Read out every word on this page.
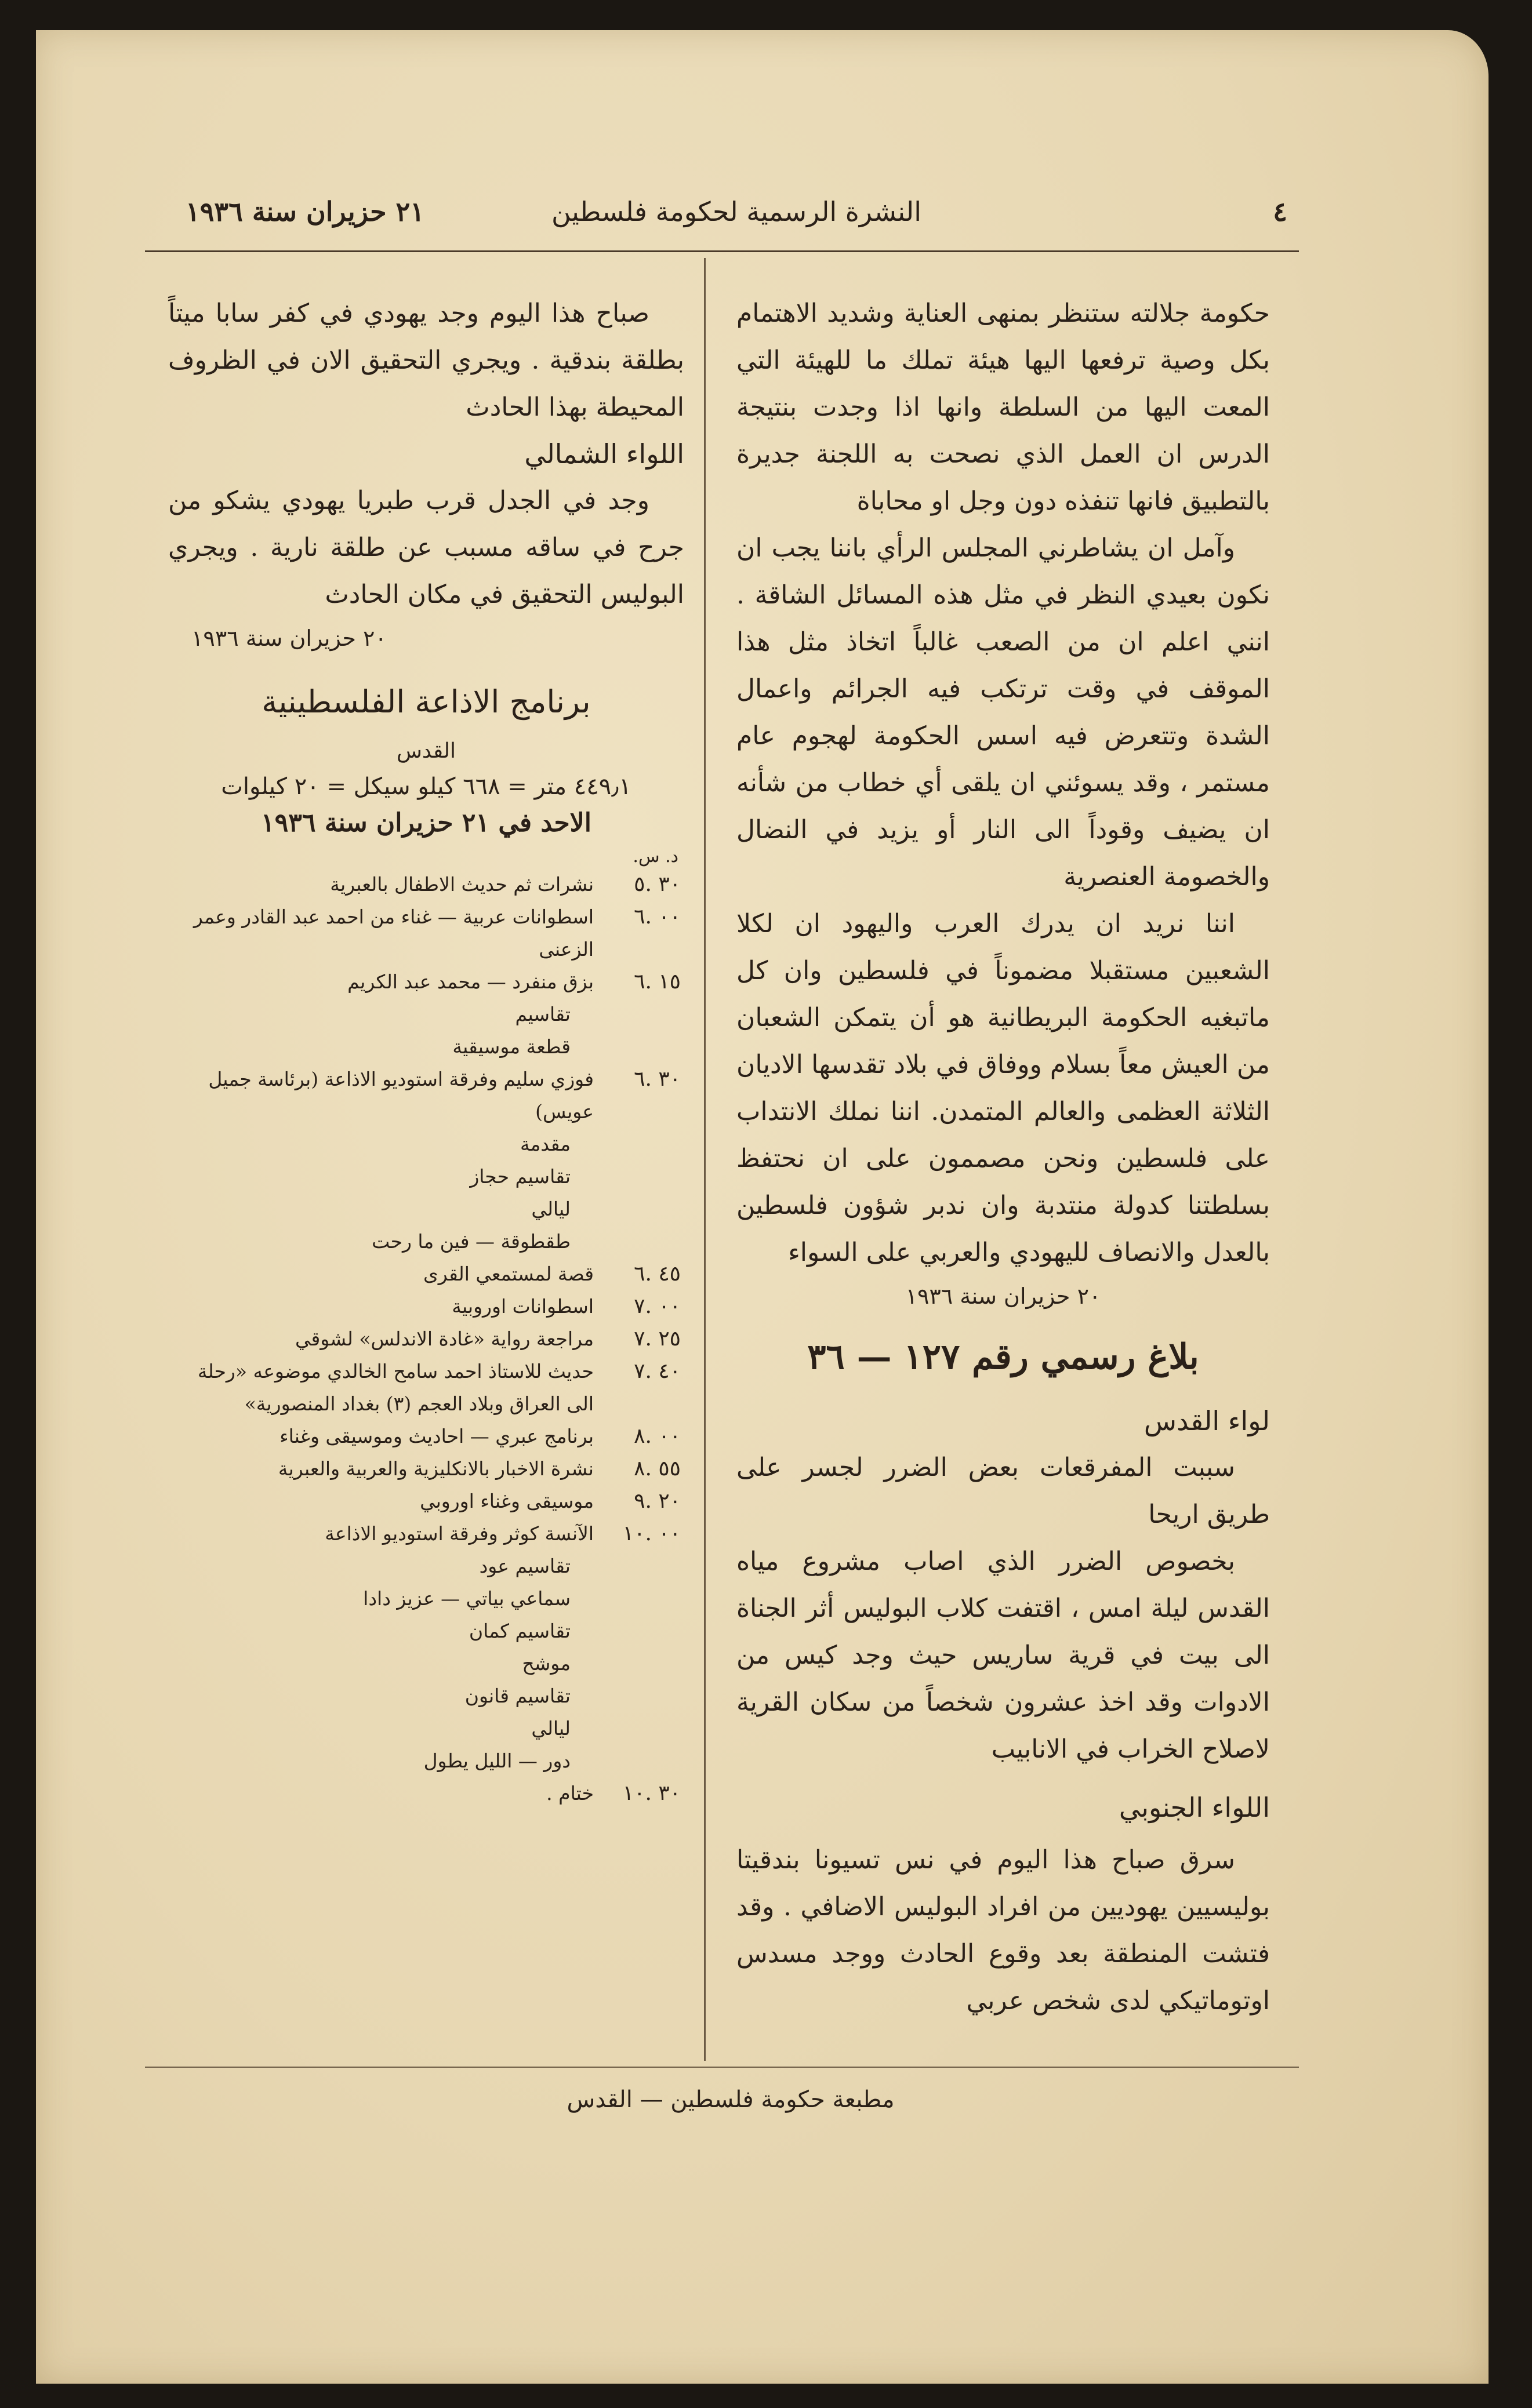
٤
النشرة الرسمية لحكومة فلسطين
٢١ حزيران سنة ١٩٣٦

حكومة جلالته ستنظر بمنهى العناية وشديد الاهتمام بكل وصية ترفعها اليها هيئة تملك ما للهيئة التي المعت اليها من السلطة وانها اذا وجدت بنتيجة الدرس ان العمل الذي نصحت به اللجنة جديرة بالتطبيق فانها تنفذه دون وجل او محاباة

وآمل ان يشاطرني المجلس الرأي باننا يجب ان نكون بعيدي النظر في مثل هذه المسائل الشاقة . انني اعلم ان من الصعب غالباً اتخاذ مثل هذا الموقف في وقت ترتكب فيه الجرائم واعمال الشدة وتتعرض فيه اسس الحكومة لهجوم عام مستمر ، وقد يسوئني ان يلقى أي خطاب من شأنه ان يضيف وقوداً الى النار أو يزيد في النضال والخصومة العنصرية

اننا نريد ان يدرك العرب واليهود ان لكلا الشعبين مستقبلا مضموناً في فلسطين وان كل ماتبغيه الحكومة البريطانية هو أن يتمكن الشعبان من العيش معاً بسلام ووفاق في بلاد تقدسها الاديان الثلاثة العظمى والعالم المتمدن. اننا نملك الانتداب على فلسطين ونحن مصممون على ان نحتفظ بسلطتنا كدولة منتدبة وان ندبر شؤون فلسطين بالعدل والانصاف لليهودي والعربي على السواء

٢٠ حزيران سنة ١٩٣٦

بلاغ رسمي رقم ١٢٧ — ٣٦

لواء القدس

سببت المفرقعات بعض الضرر لجسر على طريق اريحا

بخصوص الضرر الذي اصاب مشروع مياه القدس ليلة امس ، اقتفت كلاب البوليس أثر الجناة الى بيت في قرية ساريس حيث وجد كيس من الادوات وقد اخذ عشرون شخصاً من سكان القرية لاصلاح الخراب في الانابيب

اللواء الجنوبي

سرق صباح هذا اليوم في نس تسيونا بندقيتا بوليسيين يهوديين من افراد البوليس الاضافي . وقد فتشت المنطقة بعد وقوع الحادث ووجد مسدس اوتوماتيكي لدى شخص عربي

صباح هذا اليوم وجد يهودي في كفر سابا ميتاً بطلقة بندقية . ويجري التحقيق الان في الظروف المحيطة بهذا الحادث

اللواء الشمالي

وجد في الجدل قرب طبريا يهودي يشكو من جرح في ساقه مسبب عن طلقة نارية . ويجري البوليس التحقيق في مكان الحادث

٢٠ حزيران سنة ١٩٣٦

برنامج الاذاعة الفلسطينية

القدس

٤٤٩٫١ متر = ٦٦٨ كيلو سيكل = ٢٠ كيلوات

الاحد في ٢١ حزيران سنة ١٩٣٦

د. س.
٣٠ .٥
نشرات ثم حديث الاطفال بالعبرية
٠٠ .٦
اسطوانات عربية — غناء من احمد عبد القادر وعمر الزعنى
١٥ .٦
بزق منفرد — محمد عبد الكريم
تقاسيم
قطعة موسيقية
٣٠ .٦
فوزي سليم وفرقة استوديو الاذاعة (برئاسة جميل عويس)
مقدمة
تقاسيم حجاز
ليالي
طقطوقة — فين ما رحت
٤٥ .٦
قصة لمستمعي القرى
٠٠ .٧
اسطوانات اوروبية
٢٥ .٧
مراجعة رواية «غادة الاندلس» لشوقي
٤٠ .٧
حديث للاستاذ احمد سامح الخالدي موضوعه «رحلة الى العراق وبلاد العجم (٣) بغداد المنصورية»
٠٠ .٨
برنامج عبري — احاديث وموسيقى وغناء
٥٥ .٨
نشرة الاخبار بالانكليزية والعربية والعبرية
٢٠ .٩
موسيقى وغناء اوروبي
٠٠ .١٠
الآنسة كوثر وفرقة استوديو الاذاعة
تقاسيم عود
سماعي بياتي — عزيز دادا
تقاسيم كمان
موشح
تقاسيم قانون
ليالي
دور — الليل يطول
٣٠ .١٠
ختام .
مطبعة حكومة فلسطين — القدس
